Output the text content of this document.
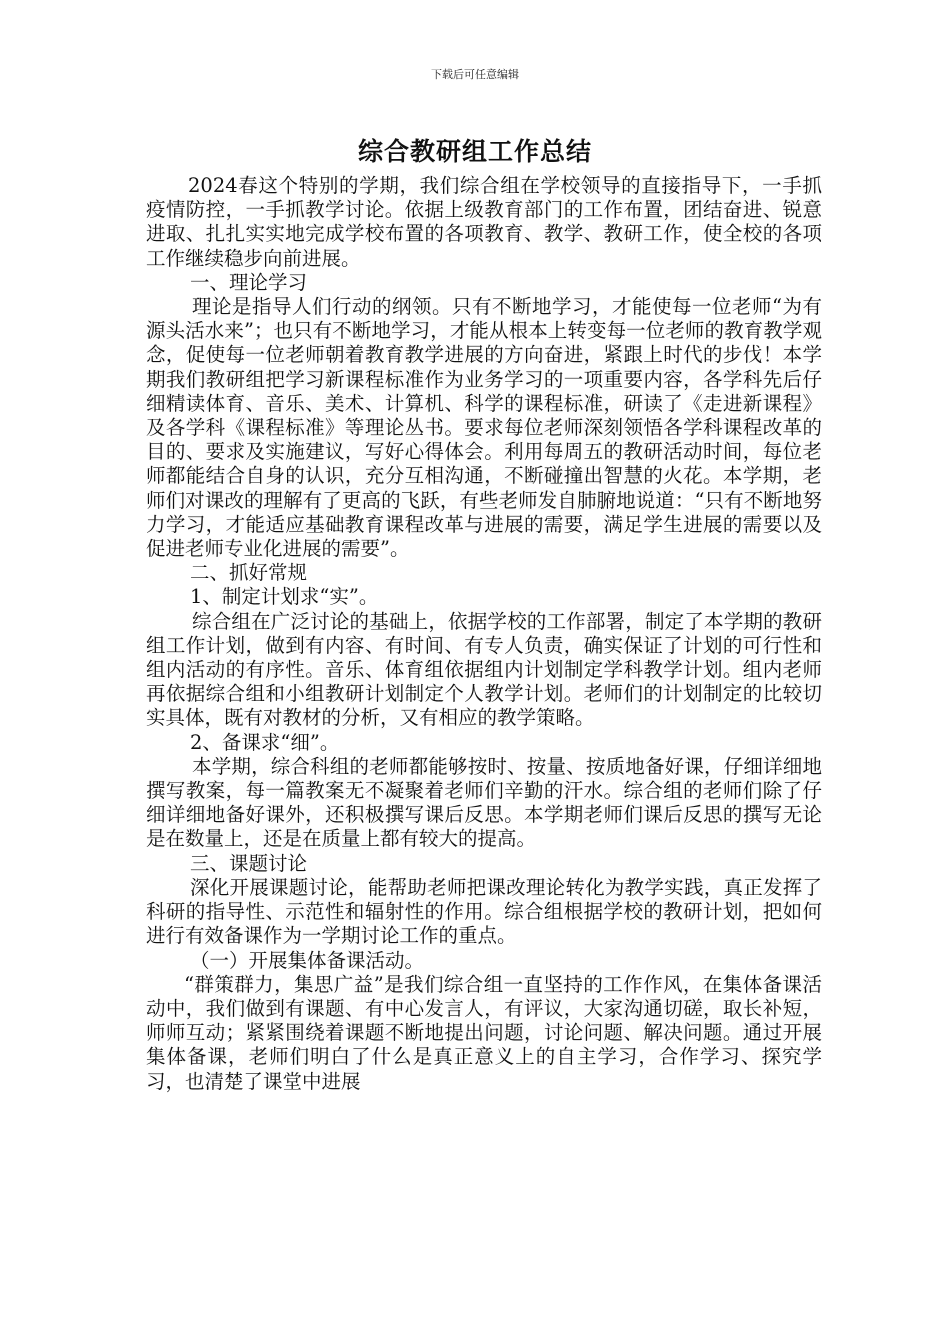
下载后可任意编辑
综合教研组工作总结

2024春这个特别的学期，我们综合组在学校领导的直接指导下，一手抓疫情防控，一手抓教学讨论。依据上级教育部门的工作布置，团结奋进、锐意进取、扎扎实实地完成学校布置的各项教育、教学、教研工作，使全校的各项工作继续稳步向前进展。

一、理论学习

理论是指导人们行动的纲领。只有不断地学习，才能使每一位老师“为有源头活水来”；也只有不断地学习，才能从根本上转变每一位老师的教育教学观念，促使每一位老师朝着教育教学进展的方向奋进，紧跟上时代的步伐！本学期我们教研组把学习新课程标准作为业务学习的一项重要内容，各学科先后仔细精读体育、音乐、美术、计算机、科学的课程标准，研读了《走进新课程》及各学科《课程标准》等理论丛书。要求每位老师深刻领悟各学科课程改革的目的、要求及实施建议，写好心得体会。利用每周五的教研活动时间，每位老师都能结合自身的认识，充分互相沟通，不断碰撞出智慧的火花。本学期，老师们对课改的理解有了更高的飞跃，有些老师发自肺腑地说道：“只有不断地努力学习，才能适应基础教育课程改革与进展的需要，满足学生进展的需要以及促进老师专业化进展的需要”。

二、抓好常规

1、制定计划求“实”。

综合组在广泛讨论的基础上，依据学校的工作部署，制定了本学期的教研组工作计划，做到有内容、有时间、有专人负责，确实保证了计划的可行性和组内活动的有序性。音乐、体育组依据组内计划制定学科教学计划。组内老师再依据综合组和小组教研计划制定个人教学计划。老师们的计划制定的比较切实具体，既有对教材的分析，又有相应的教学策略。

2、备课求“细”。

本学期，综合科组的老师都能够按时、按量、按质地备好课，仔细详细地撰写教案，每一篇教案无不凝聚着老师们辛勤的汗水。综合组的老师们除了仔细详细地备好课外，还积极撰写课后反思。本学期老师们课后反思的撰写无论是在数量上，还是在质量上都有较大的提高。

三、课题讨论

深化开展课题讨论，能帮助老师把课改理论转化为教学实践，真正发挥了科研的指导性、示范性和辐射性的作用。综合组根据学校的教研计划，把如何进行有效备课作为一学期讨论工作的重点。

（一）开展集体备课活动。

“群策群力，集思广益”是我们综合组一直坚持的工作作风，在集体备课活动中，我们做到有课题、有中心发言人，有评议，大家沟通切磋，取长补短，师师互动；紧紧围绕着课题不断地提出问题，讨论问题、解决问题。通过开展集体备课，老师们明白了什么是真正意义上的自主学习，合作学习、探究学习，也清楚了课堂中进展
